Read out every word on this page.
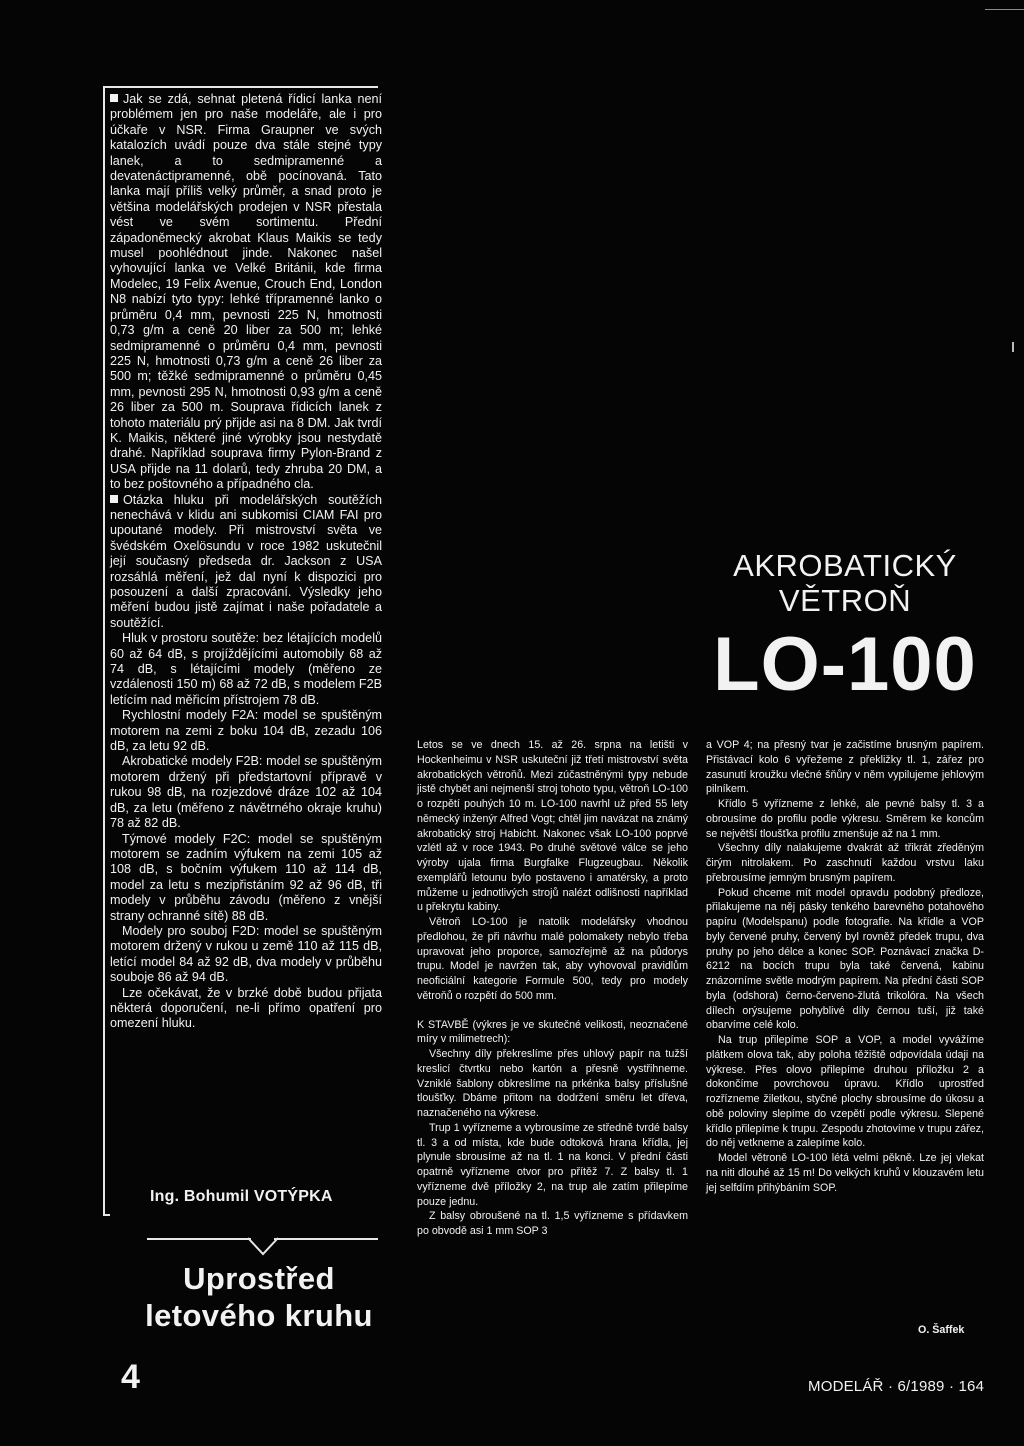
Jak se zdá, sehnat pletená řídicí lanka není problémem jen pro naše modeláře, ale i pro účkaře v NSR. Firma Graupner ve svých katalozích uvádí pouze dva stále stejné typy lanek, a to sedmipramenné a devatenáctipramenné, obě pocínovaná. Tato lanka mají příliš velký průměr, a snad proto je většina modelářských prodejen v NSR přestala vést ve svém sortimentu. Přední západoněmecký akrobat Klaus Maikis se tedy musel poohlédnout jinde. Nakonec našel vyhovující lanka ve Velké Británii, kde firma Modelec, 19 Felix Avenue, Crouch End, London N8 nabízí tyto typy: lehké třípramenné lanko o průměru 0,4 mm, pevnosti 225 N, hmotnosti 0,73 g/m a ceně 20 liber za 500 m; lehké sedmipramenné o průměru 0,4 mm, pevnosti 225 N, hmotnosti 0,73 g/m a ceně 26 liber za 500 m; těžké sedmipramenné o průměru 0,45 mm, pevnosti 295 N, hmotnosti 0,93 g/m a ceně 26 liber za 500 m. Souprava řídicích lanek z tohoto materiálu prý přijde asi na 8 DM. Jak tvrdí K. Maikis, některé jiné výrobky jsou nestydatě drahé. Například souprava firmy Pylon-Brand z USA přijde na 11 dolarů, tedy zhruba 20 DM, a to bez poštovného a případného cla.

Otázka hluku při modelářských soutěžích nenechává v klidu ani subkomisi CIAM FAI pro upoutané modely. Při mistrovství světa ve švédském Oxelösundu v roce 1982 uskutečnil její současný předseda dr. Jackson z USA rozsáhlá měření, jež dal nyní k dispozici pro posouzení a další zpracování. Výsledky jeho měření budou jistě zajímat i naše pořadatele a soutěžící.

Hluk v prostoru soutěže: bez létajících modelů 60 až 64 dB, s projíždějícími automobily 68 až 74 dB, s létajícími modely (měřeno ze vzdálenosti 150 m) 68 až 72 dB, s modelem F2B letícím nad měřicím přístrojem 78 dB.

Rychlostní modely F2A: model se spuštěným motorem na zemi z boku 104 dB, zezadu 106 dB, za letu 92 dB.

Akrobatické modely F2B: model se spuštěným motorem držený při předstartovní přípravě v rukou 98 dB, na rozjezdové dráze 102 až 104 dB, za letu (měřeno z návětrného okraje kruhu) 78 až 82 dB.

Týmové modely F2C: model se spuštěným motorem se zadním výfukem na zemi 105 až 108 dB, s bočním výfukem 110 až 114 dB, model za letu s mezipřistáním 92 až 96 dB, tři modely v průběhu závodu (měřeno z vnější strany ochranné sítě) 88 dB.

Modely pro souboj F2D: model se spuštěným motorem držený v rukou u země 110 až 115 dB, letící model 84 až 92 dB, dva modely v průběhu souboje 86 až 94 dB.

Lze očekávat, že v brzké době budou přijata některá doporučení, ne-li přímo opatření pro omezení hluku.

Ing. Bohumil VOTÝPKA
Uprostřed letového kruhu
AKROBATICKÝ VĚTROŇ
LO-100

Letos se ve dnech 15. až 26. srpna na letišti v Hockenheimu v NSR uskuteční již třetí mistrovství světa akrobatických větroňů. Mezi zúčastněnými typy nebude jistě chybět ani nejmenší stroj tohoto typu, větroň LO-100 o rozpětí pouhých 10 m. LO-100 navrhl už před 55 lety německý inženýr Alfred Vogt; chtěl jim navázat na známý akrobatický stroj Habicht. Nakonec však LO-100 poprvé vzlétl až v roce 1943. Po druhé světové válce se jeho výroby ujala firma Burgfalke Flugzeugbau. Několik exemplářů letounu bylo postaveno i amatérsky, a proto můžeme u jednotlivých strojů nalézt odlišnosti například u překrytu kabiny.

Větroň LO-100 je natolik modelářsky vhodnou předlohou, že při návrhu malé polomakety nebylo třeba upravovat jeho proporce, samozřejmě až na půdorys trupu. Model je navržen tak, aby vyhovoval pravidlům neoficiální kategorie Formule 500, tedy pro modely větroňů o rozpětí do 500 mm.

K STAVBĚ (výkres je ve skutečné velikosti, neoznačené míry v milimetrech):

Všechny díly překreslíme přes uhlový papír na tužší kreslicí čtvrtku nebo kartón a přesně vystřihneme. Vzniklé šablony obkreslíme na prkénka balsy příslušné tloušťky. Dbáme přitom na dodržení směru let dřeva, naznačeného na výkrese.

Trup 1 vyřízneme a vybrousíme ze středně tvrdé balsy tl. 3 a od místa, kde bude odtoková hrana křídla, jej plynule sbrousíme až na tl. 1 na konci. V přední části opatrně vyřízneme otvor pro přítěž 7. Z balsy tl. 1 vyřízneme dvě příložky 2, na trup ale zatím přilepíme pouze jednu.

Z balsy obroušené na tl. 1,5 vyřízneme s přídavkem po obvodě asi 1 mm SOP 3

a VOP 4; na přesný tvar je začistíme brusným papírem. Přistávací kolo 6 vyřežeme z překližky tl. 1, zářez pro zasunutí kroužku vlečné šňůry v něm vypilujeme jehlovým pilníkem.

Křídlo 5 vyřízneme z lehké, ale pevné balsy tl. 3 a obrousíme do profilu podle výkresu. Směrem ke koncům se největší tloušťka profilu zmenšuje až na 1 mm.

Všechny díly nalakujeme dvakrát až třikrát zředěným čirým nitrolakem. Po zaschnutí každou vrstvu laku přebrousíme jemným brusným papírem.

Pokud chceme mít model opravdu podobný předloze, přilakujeme na něj pásky tenkého barevného potahového papíru (Modelspanu) podle fotografie. Na křídle a VOP byly červené pruhy, červený byl rovněž předek trupu, dva pruhy po jeho délce a konec SOP. Poznávací značka D-6212 na bocích trupu byla také červená, kabinu znázorníme světle modrým papírem. Na přední části SOP byla (odshora) černo-červeno-žlutá trikolóra. Na všech dílech orýsujeme pohyblivé díly černou tuší, již také obarvíme celé kolo.

Na trup přilepíme SOP a VOP, a model vyvážíme plátkem olova tak, aby poloha těžiště odpovídala údaji na výkrese. Přes olovo přilepíme druhou příložku 2 a dokončíme povrchovou úpravu. Křídlo uprostřed rozřízneme žiletkou, styčné plochy sbrousíme do úkosu a obě poloviny slepíme do vzepětí podle výkresu. Slepené křídlo přilepíme k trupu. Zespodu zhotovíme v trupu zářez, do něj vetkneme a zalepíme kolo.

Model větroně LO-100 létá velmi pěkně. Lze jej vlekat na niti dlouhé až 15 m! Do velkých kruhů v klouzavém letu jej selfdím přihýbáním SOP.

O. Šaffek
4	MODELÁŘ · 6/1989 · 164
